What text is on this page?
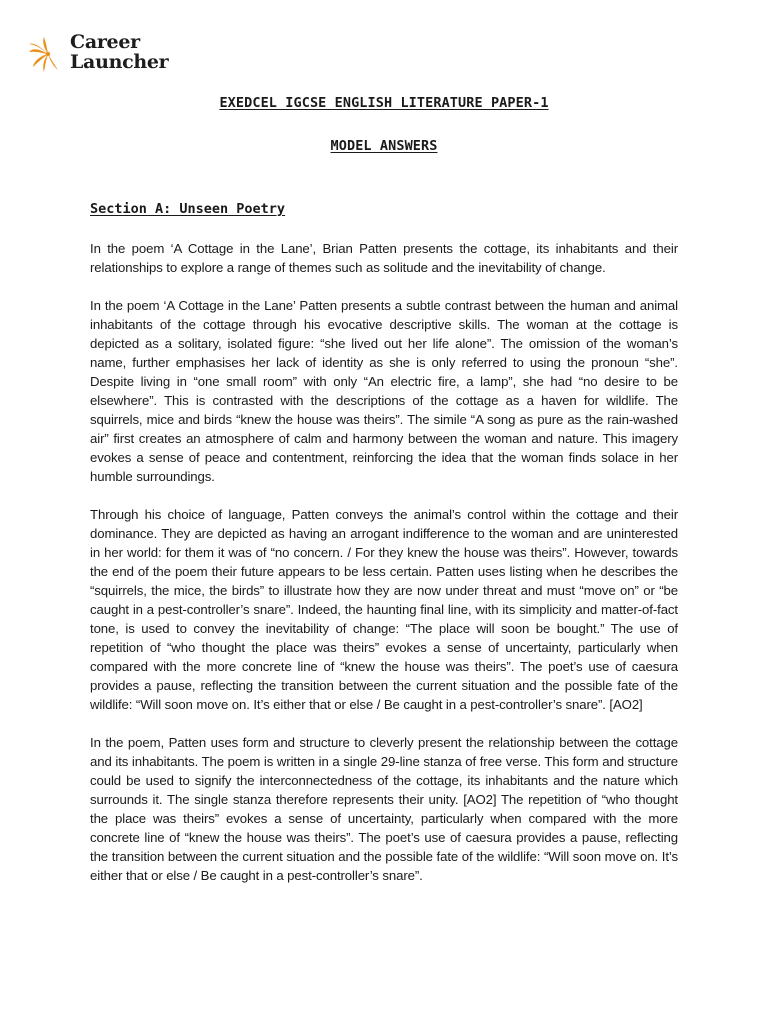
Career
Launcher
EXEDCEL IGCSE ENGLISH LITERATURE PAPER-1
MODEL ANSWERS
Section A: Unseen Poetry

In the poem ‘A Cottage in the Lane’, Brian Patten presents the cottage, its inhabitants and their relationships to explore a range of themes such as solitude and the inevitability of change.

In the poem ‘A Cottage in the Lane’ Patten presents a subtle contrast between the human and animal inhabitants of the cottage through his evocative descriptive skills. The woman at the cottage is depicted as a solitary, isolated figure: “she lived out her life alone”. The omission of the woman’s name, further emphasises her lack of identity as she is only referred to using the pronoun “she”. Despite living in “one small room” with only “An electric fire, a lamp”, she had “no desire to be elsewhere”. This is contrasted with the descriptions of the cottage as a haven for wildlife. The squirrels, mice and birds “knew the house was theirs”. The simile “A song as pure as the rain-washed air” first creates an atmosphere of calm and harmony between the woman and nature. This imagery evokes a sense of peace and contentment, reinforcing the idea that the woman finds solace in her humble surroundings.

Through his choice of language, Patten conveys the animal’s control within the cottage and their dominance. They are depicted as having an arrogant indifference to the woman and are uninterested in her world: for them it was of “no concern. / For they knew the house was theirs”. However, towards the end of the poem their future appears to be less certain. Patten uses listing when he describes the “squirrels, the mice, the birds” to illustrate how they are now under threat and must “move on” or “be caught in a pest-controller’s snare”. Indeed, the haunting final line, with its simplicity and matter-of-fact tone, is used to convey the inevitability of change: “The place will soon be bought.” The use of repetition of “who thought the place was theirs” evokes a sense of uncertainty, particularly when compared with the more concrete line of “knew the house was theirs”. The poet’s use of caesura provides a pause, reflecting the transition between the current situation and the possible fate of the wildlife: “Will soon move on. It’s either that or else / Be caught in a pest-controller’s snare”. [AO2]

In the poem, Patten uses form and structure to cleverly present the relationship between the cottage and its inhabitants. The poem is written in a single 29-line stanza of free verse. This form and structure could be used to signify the interconnectedness of the cottage, its inhabitants and the nature which surrounds it. The single stanza therefore represents their unity. [AO2] The repetition of “who thought the place was theirs” evokes a sense of uncertainty, particularly when compared with the more concrete line of “knew the house was theirs”. The poet’s use of caesura provides a pause, reflecting the transition between the current situation and the possible fate of the wildlife: “Will soon move on. It’s either that or else / Be caught in a pest-controller’s snare”.
